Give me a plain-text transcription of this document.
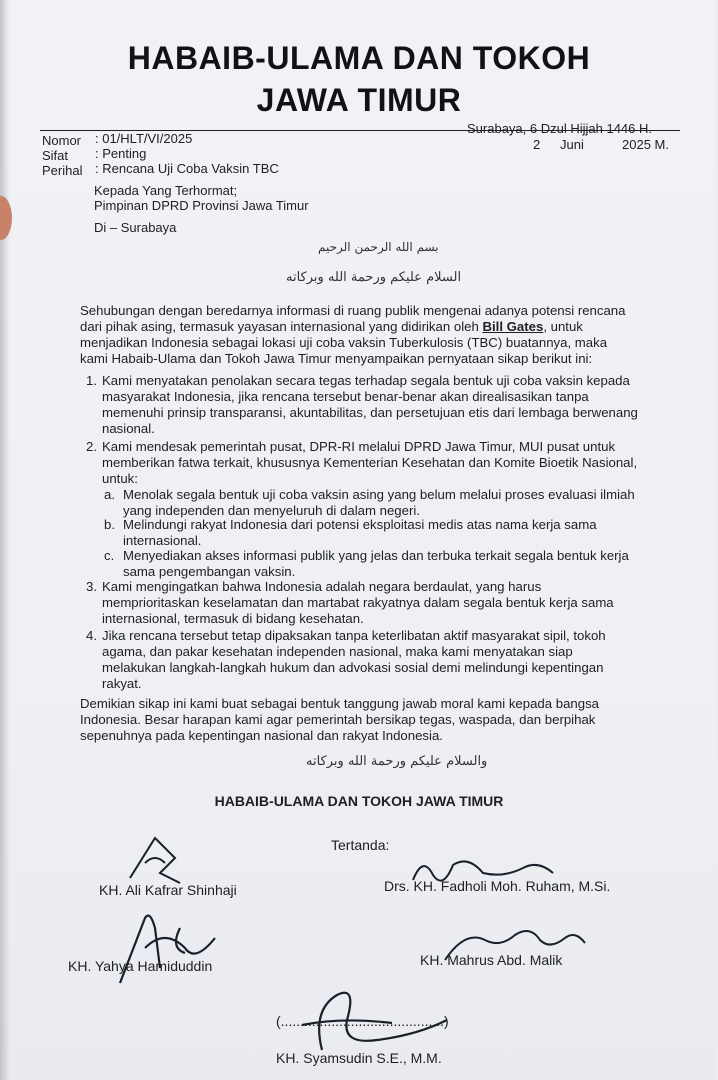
HABAIB-ULAMA DAN TOKOH
JAWA TIMUR
Nomor : 01/HLT/VI/2025
Sifat : Penting
Perihal : Rencana Uji Coba Vaksin TBC
Surabaya, 6 Dzul Hijjah 1446 H.
2 Juni	2025 M.
Kepada Yang Terhormat;
Pimpinan DPRD Provinsi Jawa Timur
Di – Surabaya
بسم الله الرحمن الرحيم
السلام عليكم ورحمة الله وبركاته
Sehubungan dengan beredarnya informasi di ruang publik mengenai adanya potensi rencana
dari pihak asing, termasuk yayasan internasional yang didirikan oleh Bill Gates, untuk
menjadikan Indonesia sebagai lokasi uji coba vaksin Tuberkulosis (TBC) buatannya, maka
kami Habaib-Ulama dan Tokoh Jawa Timur menyampaikan pernyataan sikap berikut ini:
1. Kami menyatakan penolakan secara tegas terhadap segala bentuk uji coba vaksin kepada
masyarakat Indonesia, jika rencana tersebut benar-benar akan direalisasikan tanpa
memenuhi prinsip transparansi, akuntabilitas, dan persetujuan etis dari lembaga berwenang
nasional.
2. Kami mendesak pemerintah pusat, DPR-RI melalui DPRD Jawa Timur, MUI pusat untuk
memberikan fatwa terkait, khususnya Kementerian Kesehatan dan Komite Bioetik Nasional,
untuk:
a. Menolak segala bentuk uji coba vaksin asing yang belum melalui proses evaluasi ilmiah
yang independen dan menyeluruh di dalam negeri.
b. Melindungi rakyat Indonesia dari potensi eksploitasi medis atas nama kerja sama
internasional.
c. Menyediakan akses informasi publik yang jelas dan terbuka terkait segala bentuk kerja
sama pengembangan vaksin.
3. Kami mengingatkan bahwa Indonesia adalah negara berdaulat, yang harus
memprioritaskan keselamatan dan martabat rakyatnya dalam segala bentuk kerja sama
internasional, termasuk di bidang kesehatan.
4. Jika rencana tersebut tetap dipaksakan tanpa keterlibatan aktif masyarakat sipil, tokoh
agama, dan pakar kesehatan independen nasional, maka kami menyatakan siap
melakukan langkah-langkah hukum dan advokasi sosial demi melindungi kepentingan
rakyat.
Demikian sikap ini kami buat sebagai bentuk tanggung jawab moral kami kepada bangsa
Indonesia. Besar harapan kami agar pemerintah bersikap tegas, waspada, dan berpihak
sepenuhnya pada kepentingan nasional dan rakyat Indonesia.
والسلام عليكم ورحمة الله وبركاته
HABAIB-ULAMA DAN TOKOH JAWA TIMUR
Tertanda:
KH. Ali Kafrar Shinhaji	Drs. KH. Fadholi Moh. Ruham, M.Si.
KH. Yahya Hamiduddin	KH. Mahrus Abd. Malik
(..........................................)
KH. Syamsudin S.E., M.M.
